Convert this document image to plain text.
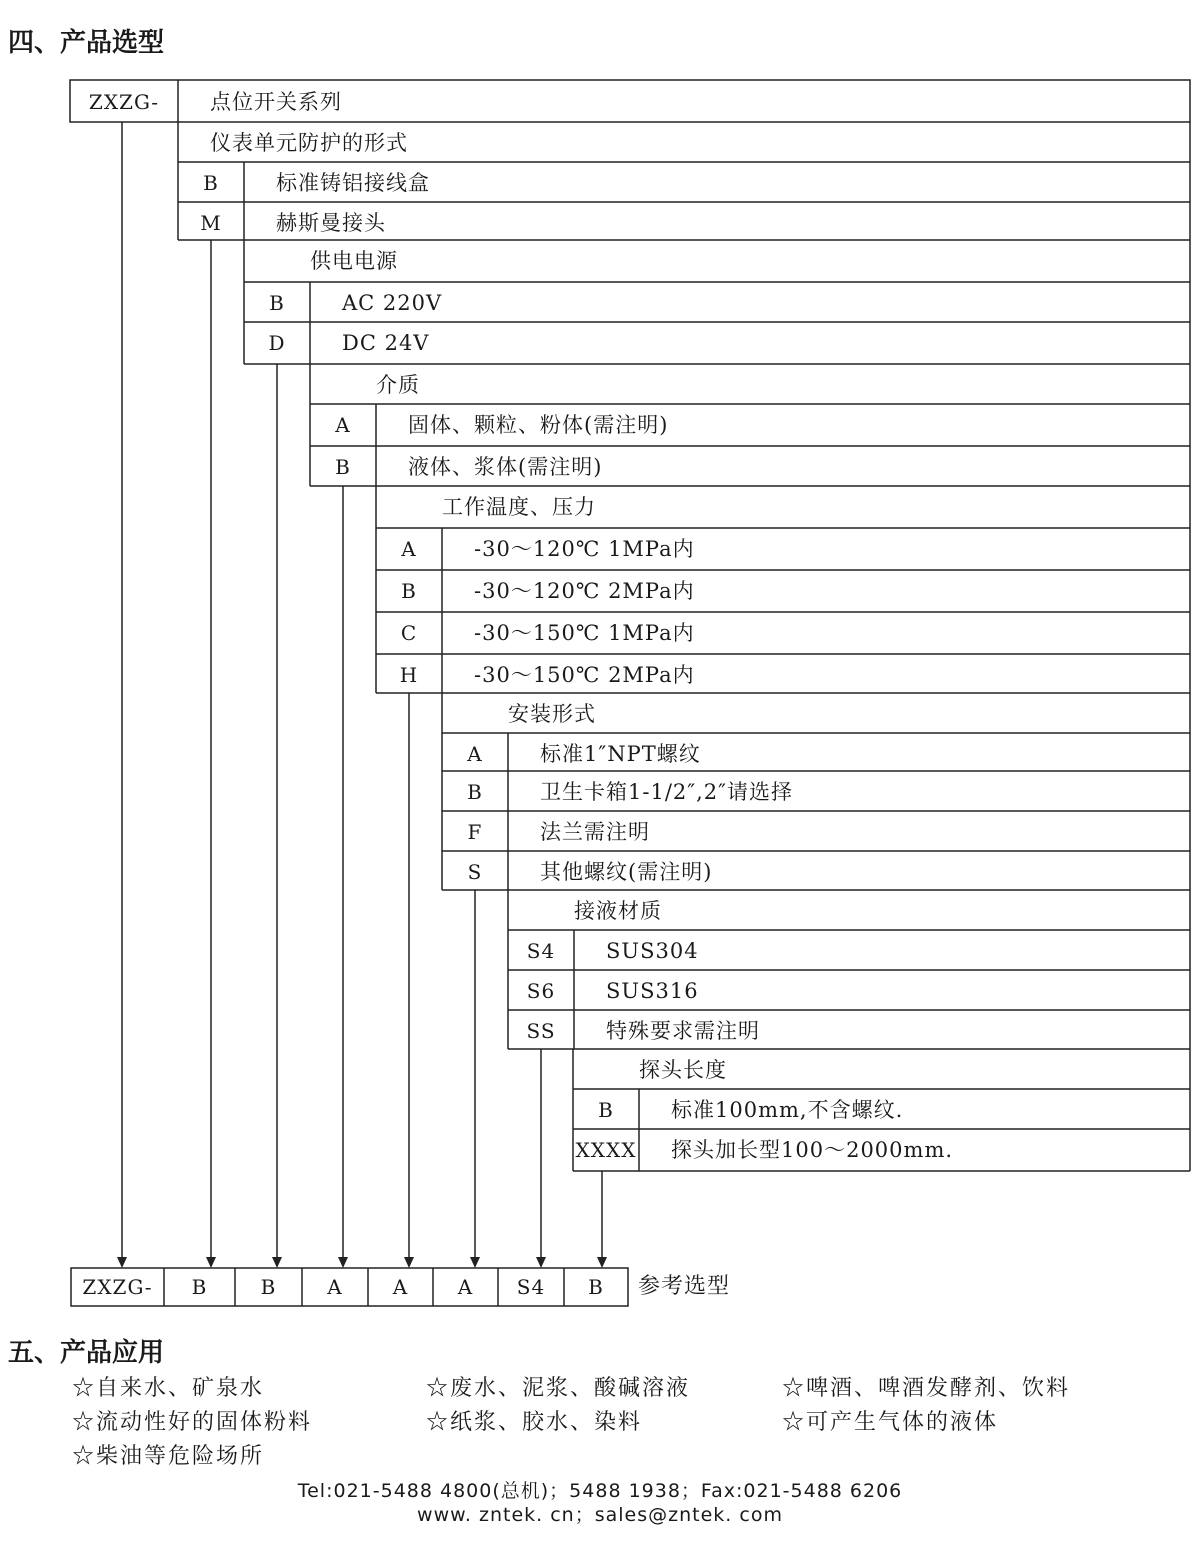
四、产品选型
ZXZG-	点位开关系列
仪表单元防护的形式
B	标准铸铝接线盒
M	赫斯曼接头
供电电源
B	AC 220V
D	DC 24V
介质
A	固体、颗粒、粉体(需注明)
B	液体、浆体(需注明)
工作温度、压力
A	-30～120℃ 1MPa内
B	-30～120℃ 2MPa内
C	-30～150℃ 1MPa内
H	-30～150℃ 2MPa内
安装形式
A	标准1″NPT螺纹
B	卫生卡箱1-1/2″,2″请选择
F	法兰需注明
S	其他螺纹(需注明)
接液材质
S4	SUS304
S6	SUS316
SS	特殊要求需注明
探头长度
B	标准100mm,不含螺纹.
XXXX 探头加长型100～2000mm.
ZXZG-	B	B	A	A	A	S4	B	参考选型
五、产品应用
☆自来水、矿泉水	☆废水、泥浆、酸碱溶液	☆啤酒、啤酒发酵剂、饮料
☆流动性好的固体粉料	☆纸浆、胶水、染料	☆可产生气体的液体
☆柴油等危险场所
Tel:021-5488 4800(总机)；5488 1938；Fax:021-5488 6206
www. zntek. cn；sales@zntek. com
